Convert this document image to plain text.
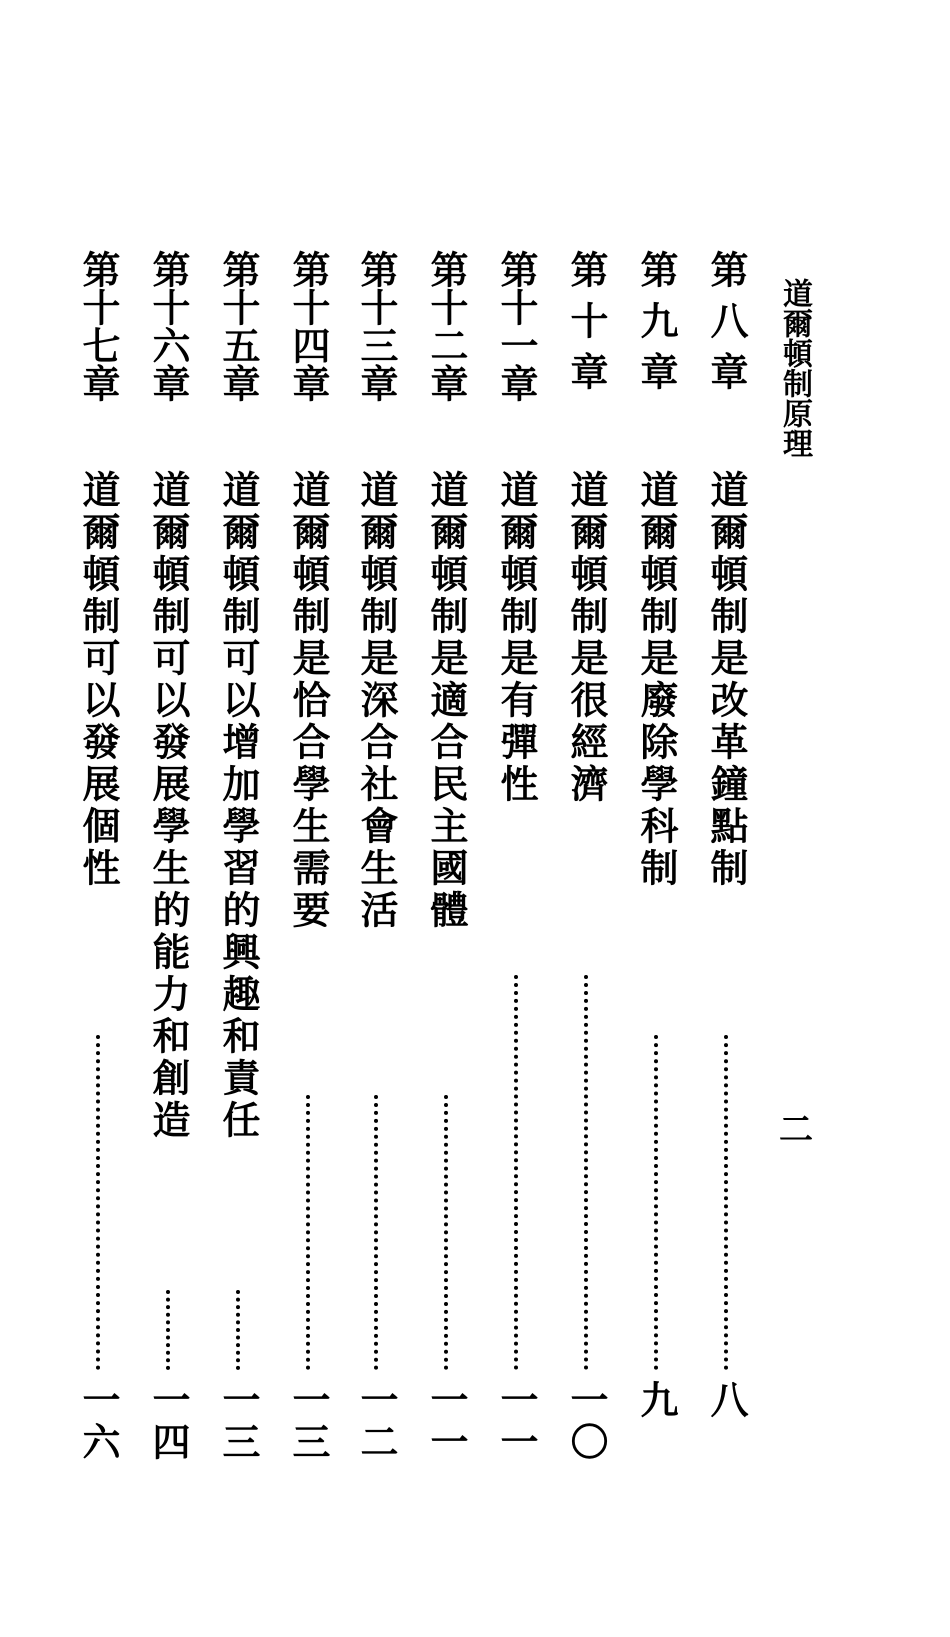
道爾頓制原理
二
第八章
道爾頓制是改革鐘點制
八
第九章
道爾頓制是廢除學科制
九
第十章
道爾頓制是很經濟
一〇
第十一章
道爾頓制是有彈性
一一
第十二章
道爾頓制是適合民主國體
一一
第十三章
道爾頓制是深合社會生活
一二
第十四章
道爾頓制是恰合學生需要
一三
第十五章
道爾頓制可以增加學習的興趣和責任
一三
第十六章
道爾頓制可以發展學生的能力和創造
一四
第十七章
道爾頓制可以發展個性
一六
